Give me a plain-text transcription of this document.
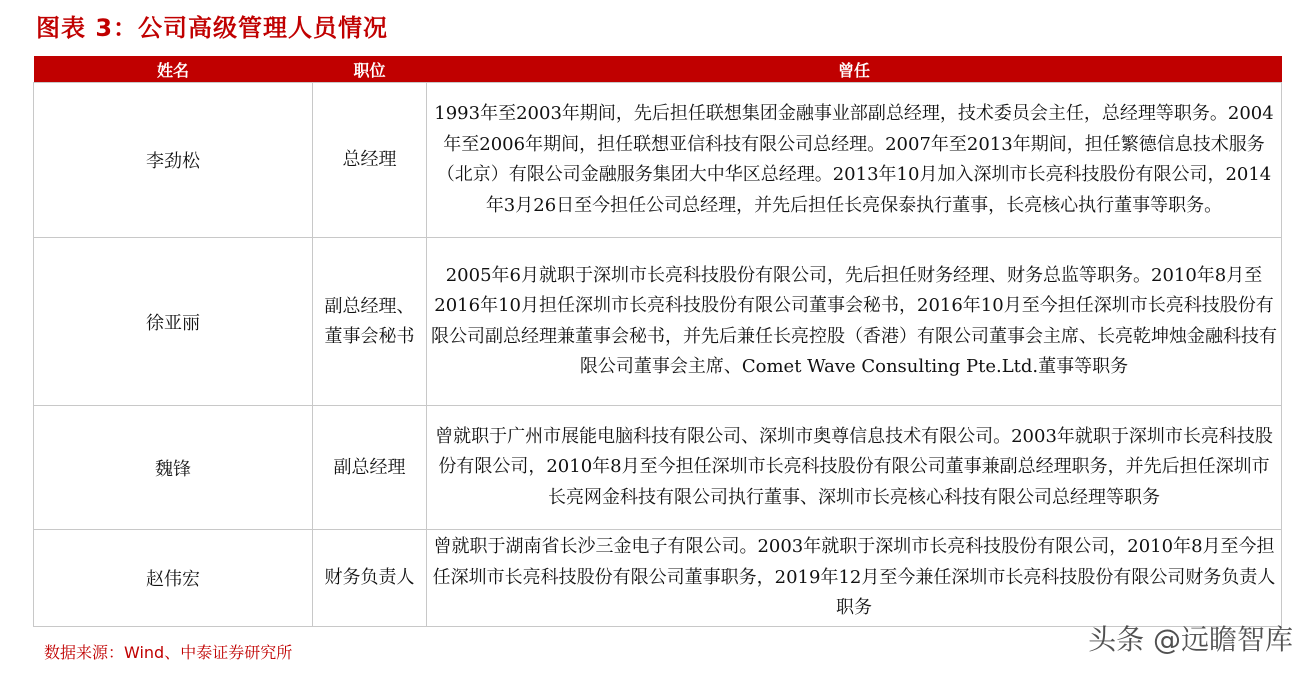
图表 3：公司高级管理人员情况
姓名	职位	曾任
李劲松	总经理	1993年至2003年期间，先后担任联想集团金融事业部副总经理，技术委员会主任，总经理等职务。2004年至2006年期间，担任联想亚信科技有限公司总经理。2007年至2013年期间，担任繁德信息技术服务（北京）有限公司金融服务集团大中华区总经理。2013年10月加入深圳市长亮科技股份有限公司，2014年3月26日至今担任公司总经理，并先后担任长亮保泰执行董事，长亮核心执行董事等职务。
徐亚丽	副总经理、董事会秘书	2005年6月就职于深圳市长亮科技股份有限公司，先后担任财务经理、财务总监等职务。2010年8月至2016年10月担任深圳市长亮科技股份有限公司董事会秘书，2016年10月至今担任深圳市长亮科技股份有限公司副总经理兼董事会秘书，并先后兼任长亮控股（香港）有限公司董事会主席、长亮乾坤烛金融科技有限公司董事会主席、Comet Wave Consulting Pte.Ltd.董事等职务
魏锋	副总经理	曾就职于广州市展能电脑科技有限公司、深圳市奥尊信息技术有限公司。2003年就职于深圳市长亮科技股份有限公司，2010年8月至今担任深圳市长亮科技股份有限公司董事兼副总经理职务，并先后担任深圳市长亮网金科技有限公司执行董事、深圳市长亮核心科技有限公司总经理等职务
赵伟宏	财务负责人	曾就职于湖南省长沙三金电子有限公司。2003年就职于深圳市长亮科技股份有限公司，2010年8月至今担任深圳市长亮科技股份有限公司董事职务，2019年12月至今兼任深圳市长亮科技股份有限公司财务负责人职务
数据来源：Wind、中泰证券研究所	头条 @远瞻智库
